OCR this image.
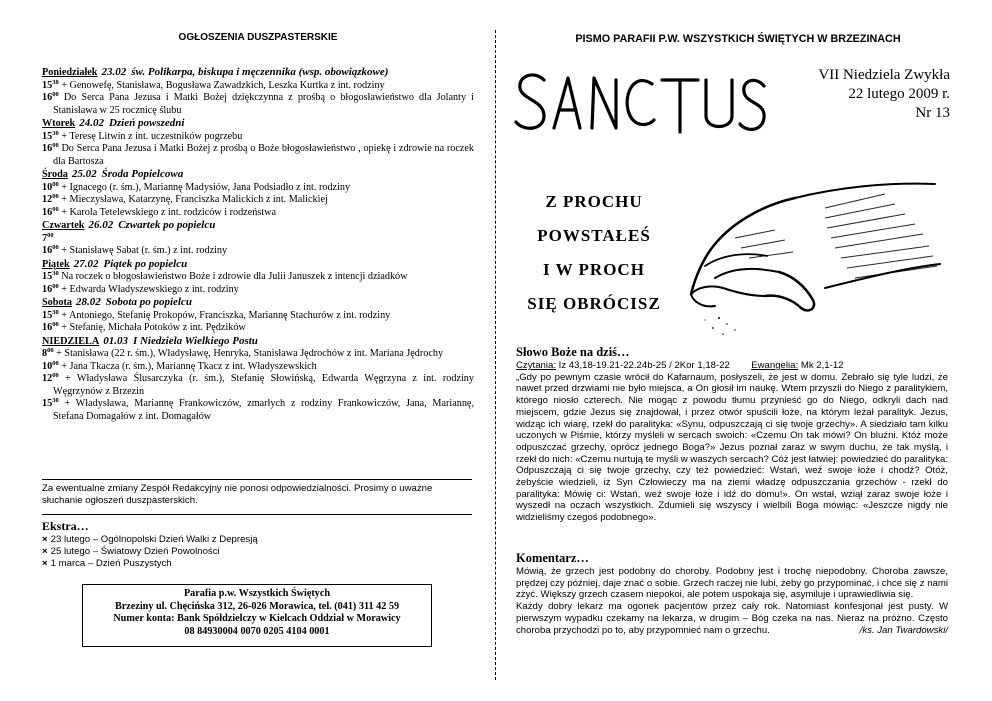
OGŁOSZENIA DUSZPASTERSKIE
Poniedziałek 23.02 św. Polikarpa, biskupa i męczennika (wsp. obowiązkowe)
$15^{30}$ + Genowefę, Stanisława, Bogusława Zawadzkich, Leszka Kurtka z int. rodziny
$16^{00}$ Do Serca Pana Jezusa i Matki Bożej dziękczynna z prośbą o błogosławieństwo dla Jolanty i Stanisława w 25 rocznicę ślubu
Wtorek 24.02 Dzień powszedni
$15^{30}$ + Teresę Litwin z int. uczestników pogrzebu
$16^{00}$ Do Serca Pana Jezusa i Matki Bożej z prośbą o Boże błogosławieństwo , opiekę i zdrowie na roczek dla Bartosza
Środa 25.02 Środa Popielcowa
$10^{00}$ + Ignacego (r. śm.), Mariannę Madysiów, Jana Podsiadło z int. rodziny
$12^{00}$ + Mieczysława, Katarzynę, Franciszka Malickich z int. Malickiej
$16^{00}$ + Karola Tetelewskiego z int. rodziców i rodzeństwa
Czwartek 26.02 Czwartek po popielcu
$7^{00}$
$16^{00}$ + Stanisławę Sabat (r. śm.) z int. rodziny
Piątek 27.02 Piątek po popielcu
$15^{30}$ Na roczek o błogosławieństwo Boże i zdrowie dla Julii Januszek z intencji dziadków
$16^{00}$ + Edwarda Władyszewskiego z int. rodziny
Sobota 28.02 Sobota po popielcu
$15^{30}$ + Antoniego, Stefanię Prokopów, Franciszka, Mariannę Stachurów z int. rodziny
$16^{00}$ + Stefanię, Michała Potoków z int. Pędzików
NIEDZIELA 01.03 I Niedziela Wielkiego Postu
$8^{00}$ + Stanisława (22 r. śm.), Władysławę, Henryka, Stanisława Jędrochów z int. Mariana Jędrochy
$10^{00}$ + Jana Tkacza (r. śm.), Mariannę Tkacz z int. Władyszewskich
$12^{00}$ + Władysława Ślusarczyka (r. śm.), Stefanię Słowińską, Edwarda Węgrzyna z int. rodziny Węgrzynów z Brzezin
$15^{30}$ + Władysława, Mariannę Frankowiczów, zmarłych z rodziny Frankowiczów, Jana, Mariannę, Stefana Domagałów z int. Domagałów
Za ewentualne zmiany Zespół Redakcyjny nie ponosi odpowiedzialności. Prosimy o uważne słuchanie ogłoszeń duszpasterskich.
Ekstra…
× 23 lutego – Ogólnopolski Dzień Walki z Depresją
× 25 lutego – Światowy Dzień Powolności
× 1 marca – Dzień Puszystych
Parafia p.w. Wszystkich Świętych
Brzeziny ul. Chęcińska 312, 26-026 Morawica, tel. (041) 311 42 59
Numer konta: Bank Spółdzielczy w Kielcach Oddział w Morawicy
08 84930004 0070 0205 4104 0001
PISMO PARAFII P.W. WSZYSTKICH ŚWIĘTYCH W BRZEZINACH
SANCTUS
VII Niedziela Zwykła
22 lutego 2009 r.
Nr 13
Z PROCHU
POWSTAŁEŚ
I W PROCH
SIĘ OBRÓCISZ
Słowo Boże na dziś…
Czytania: Iz 43,18-19.21-22.24b-25 / 2Kor 1,18-22 Ewangelia: Mk 2,1-12
„Gdy po pewnym czasie wrócił do Kafarnaum, posłyszeli, że jest w domu. Zebrało się tyle ludzi, że nawet przed drzwiami nie było miejsca, a On głosił im naukę. Wtem przyszli do Niego z paralitykiem, którego niosło czterech. Nie mogąc z powodu tłumu przynieść go do Niego, odkryli dach nad miejscem, gdzie Jezus się znajdował, i przez otwór spuścili łoże, na którym leżał paralityk. Jezus, widząc ich wiarę, rzekł do paralityka: «Synu, odpuszczają ci się twoje grzechy». A siedziało tam kilku uczonych w Piśmie, którzy myśleli w sercach swoich: «Czemu On tak mówi? On bluźni. Któż może odpuszczać grzechy, oprócz jednego Boga?» Jezus poznał zaraz w swym duchu, że tak myślą, i rzekł do nich: «Czemu nurtują te myśli w waszych sercach? Cóż jest łatwiej: powiedzieć do paralityka: Odpuszczają ci się twoje grzechy, czy też powiedzieć: Wstań, weź swoje łoże i chodź? Otóż, żebyście wiedzieli, iż Syn Człowieczy ma na ziemi władzę odpuszczania grzechów - rzekł do paralityka: Mówię ci: Wstań, weź swoje łoże i idź do domu!». On wstał, wziął zaraz swoje łoże i wyszedł na oczach wszystkich. Zdumieli się wszyscy i wielbili Boga mówiąc: «Jeszcze nigdy nie widzieliśmy czegoś podobnego».
Komentarz…
Mówią, że grzech jest podobny do choroby. Podobny jest i trochę niepodobny. Choroba zawsze, prędzej czy później, daje znać o sobie. Grzech raczej nie lubi, żeby go przypominać, i chce się z nami zżyć. Większy grzech czasem niepokoi, ale potem uspokaja się, asymiluje i uprawiedliwia się.
Każdy dobry lekarz ma ogonek pacjentów przez cały rok. Natomiast konfesjonał jest pusty. W pierwszym wypadku czekamy na lekarza, w drugim – Bóg czeka na nas. Nieraz na próżno. Często choroba przychodzi po to, aby przypomnieć nam o grzechu.	/ks. Jan Twardowski/
